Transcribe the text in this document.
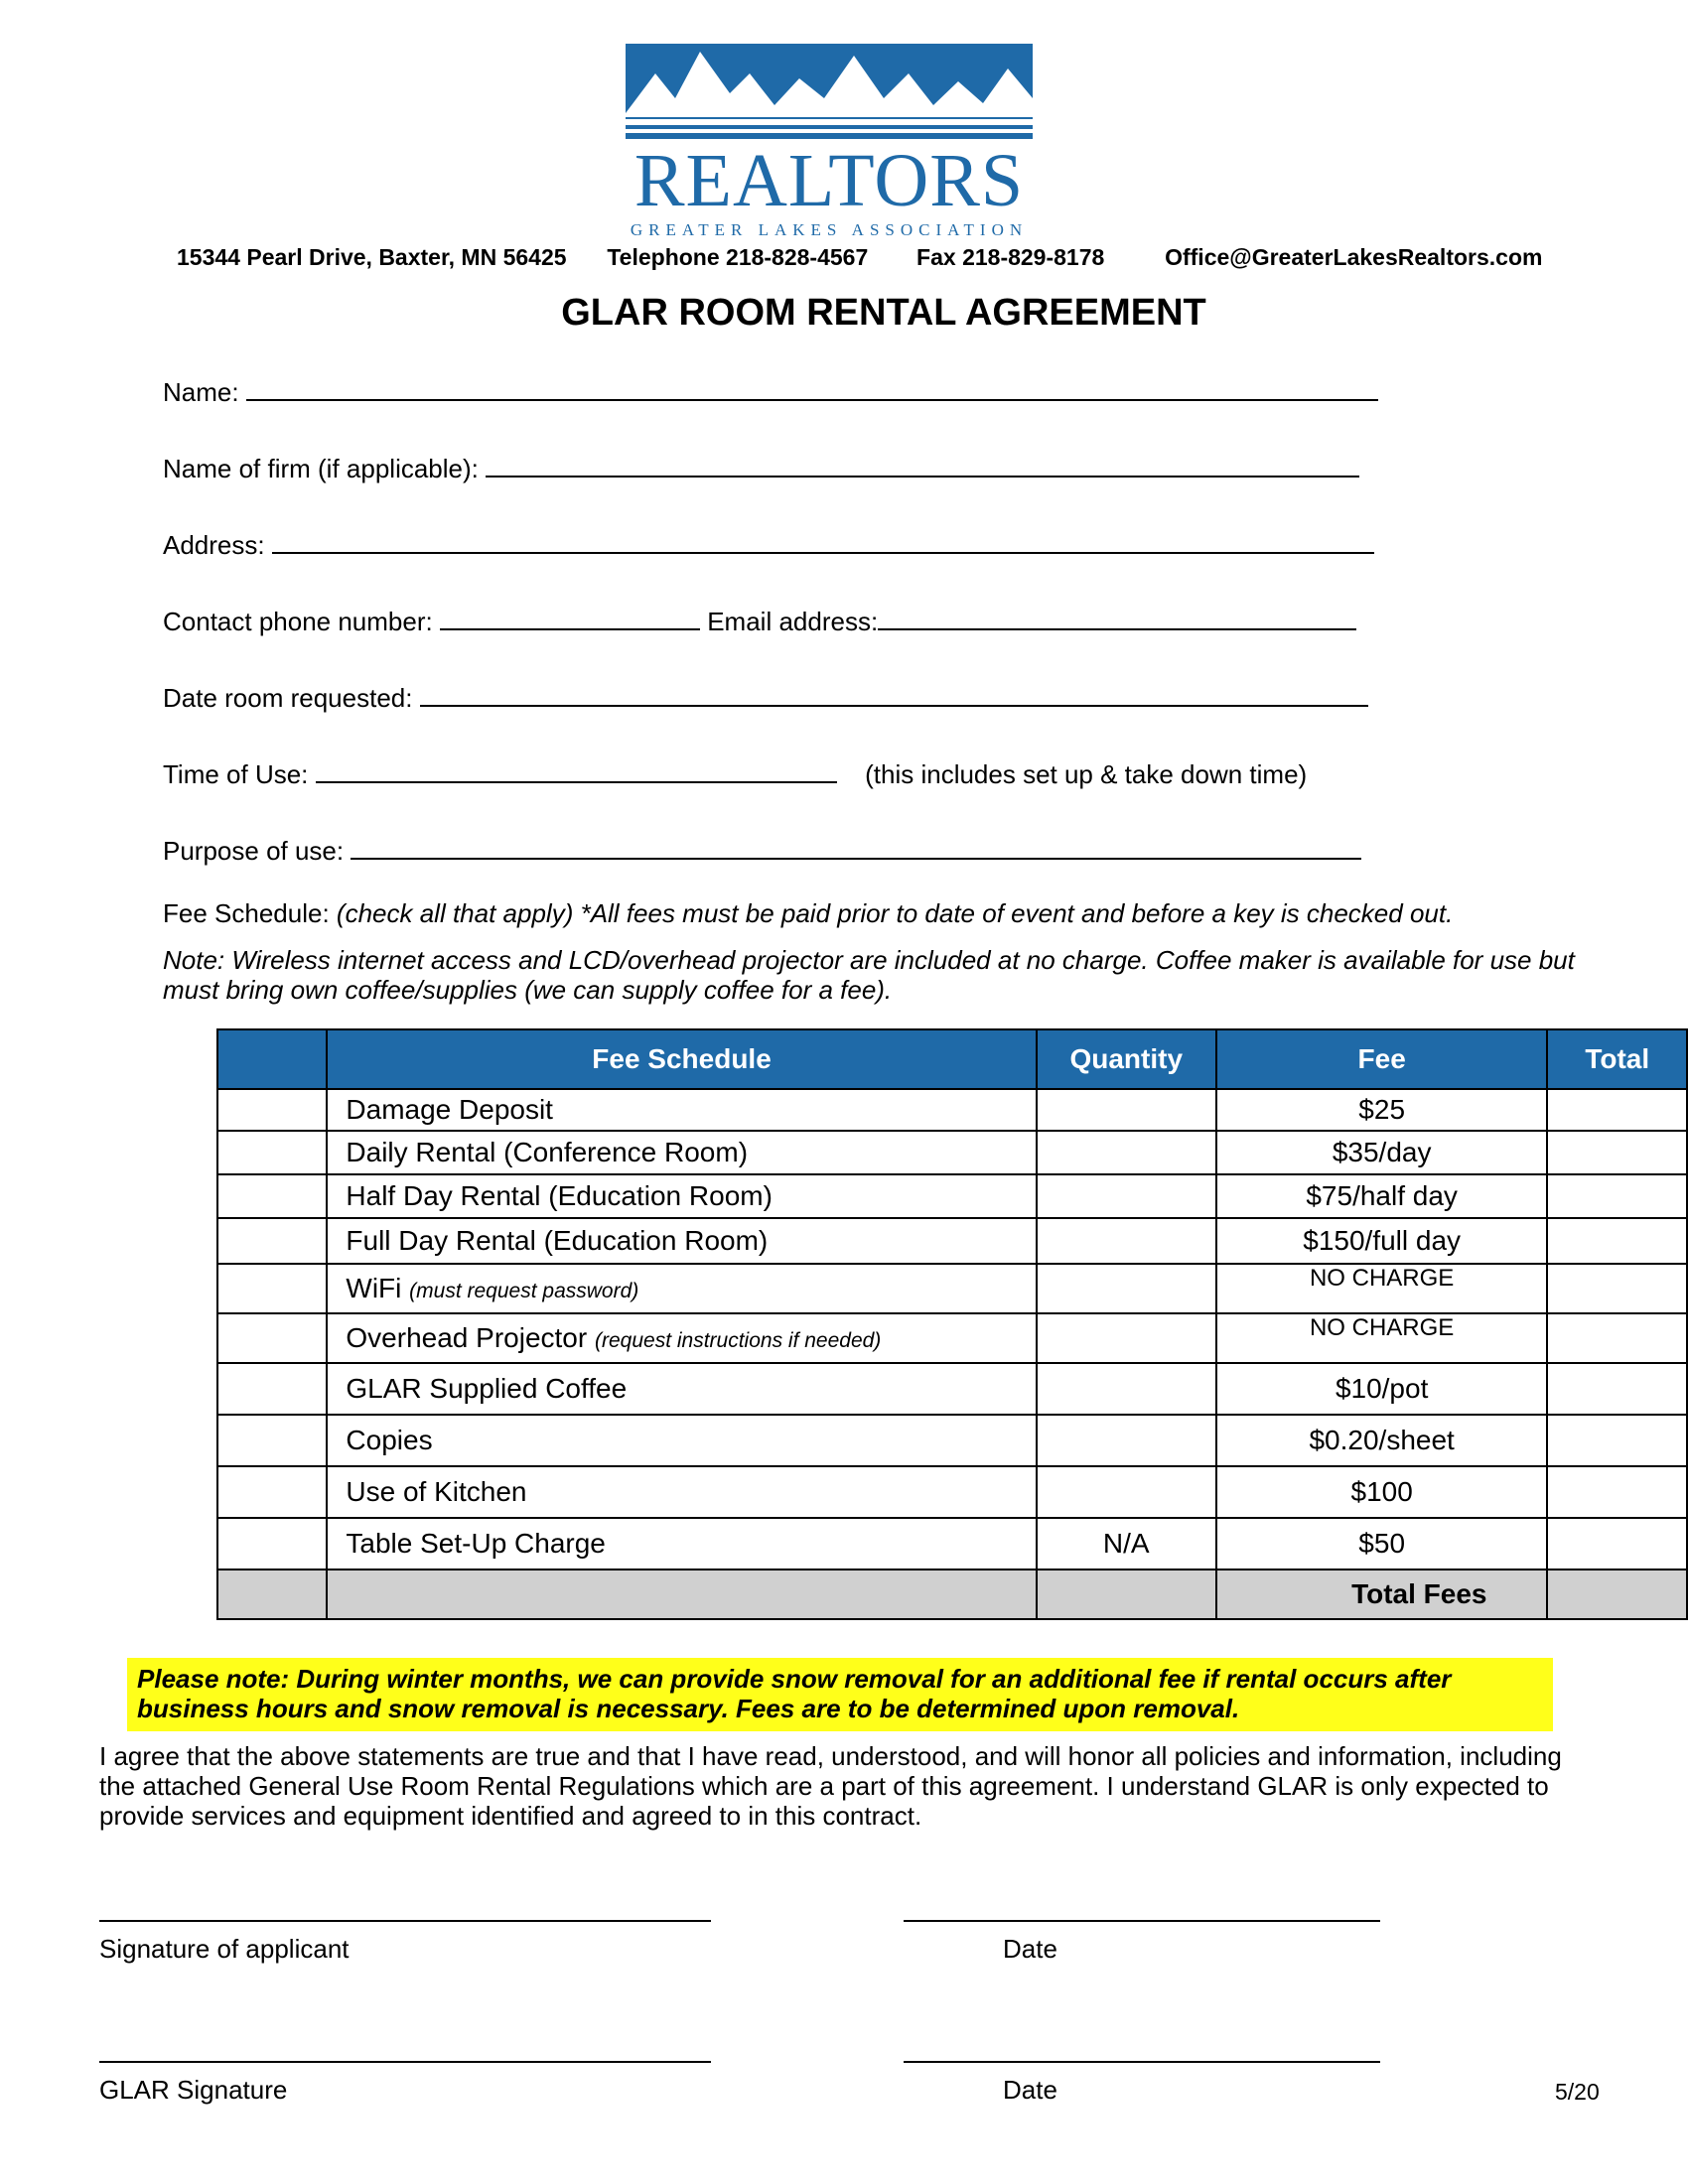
REALTORS
GREATER LAKES ASSOCIATION
15344 Pearl Drive, Baxter, MN 56425 Telephone 218-828-4567 Fax 218-829-8178	Office@GreaterLakesRealtors.com
GLAR ROOM RENTAL AGREEMENT
Name:
Name of firm (if applicable):
Address:
Contact phone number:	Email address:
Date room requested:
Time of Use:	(this includes set up & take down time)
Purpose of use:
Fee Schedule: (check all that apply) *All fees must be paid prior to date of event and before a key is checked out.
Note: Wireless internet access and LCD/overhead projector are included at no charge. Coffee maker is available for use but must bring own coffee/supplies (we can supply coffee for a fee).
	Fee Schedule	Quantity	Fee	Total
	Damage Deposit		$25	
	Daily Rental (Conference Room)		$35/day	
	Half Day Rental (Education Room)		$75/half day	
	Full Day Rental (Education Room)		$150/full day	
	WiFi (must request password)		NO CHARGE	
	Overhead Projector (request instructions if needed)		NO CHARGE	
	GLAR Supplied Coffee		$10/pot	
	Copies		$0.20/sheet	
	Use of Kitchen		$100	
	Table Set-Up Charge	N/A	$50	
			Total Fees	
Please note: During winter months, we can provide snow removal for an additional fee if rental occurs after business hours and snow removal is necessary. Fees are to be determined upon removal.
I agree that the above statements are true and that I have read, understood, and will honor all policies and information, including the attached General Use Room Rental Regulations which are a part of this agreement. I understand GLAR is only expected to provide services and equipment identified and agreed to in this contract.
Signature of applicant	Date
GLAR Signature	Date	5/20
